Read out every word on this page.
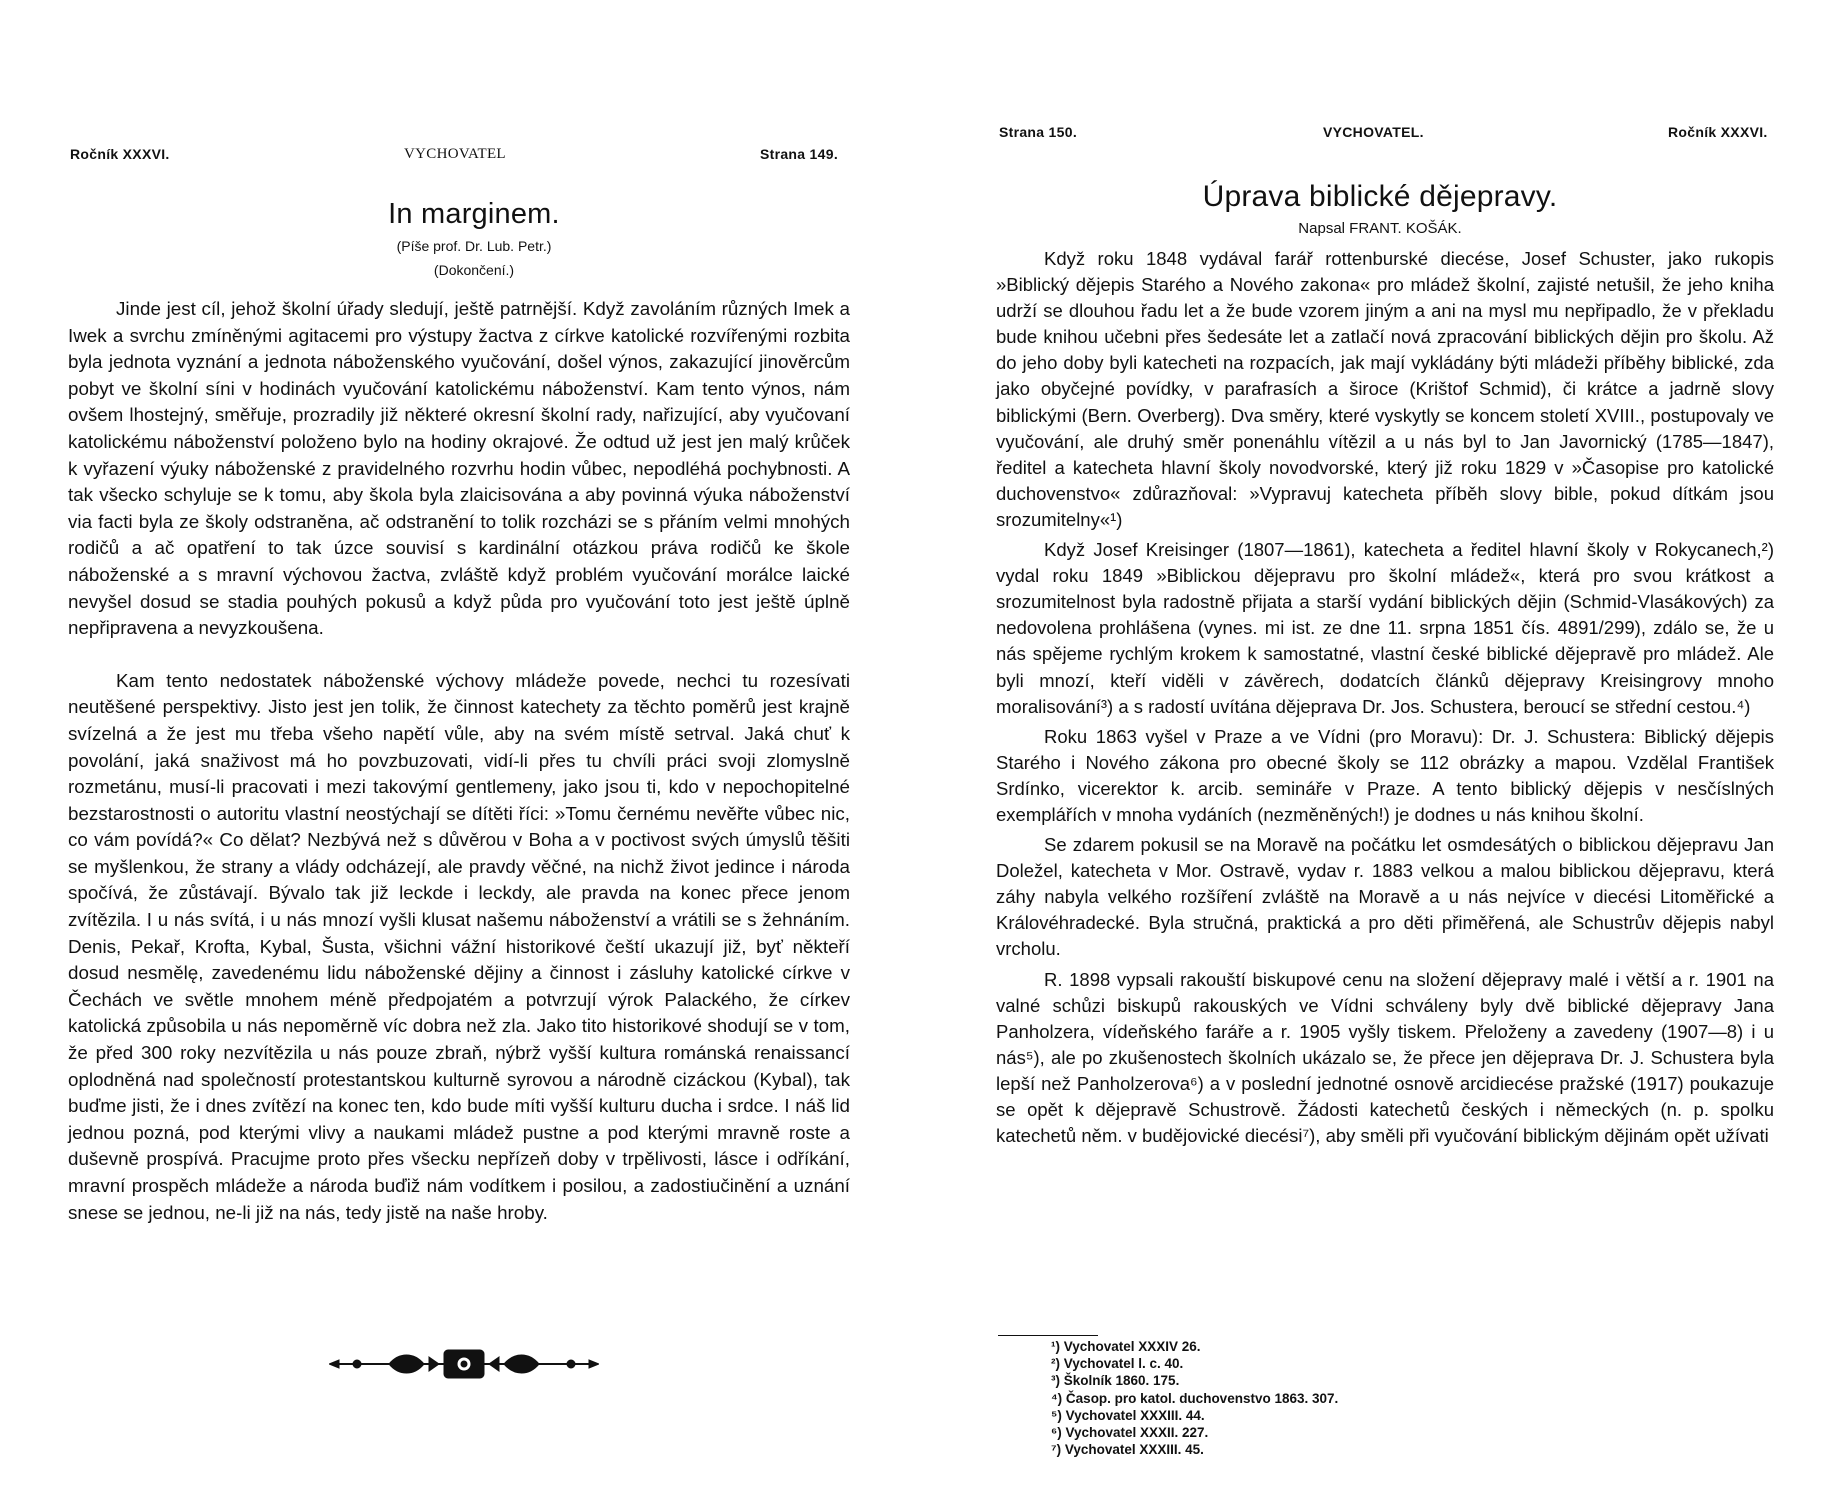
Ročník XXXVI.	VYCHOVATEL	Strana 149.
In marginem.
(Píše prof. Dr. Lub. Petr.)
(Dokončení.)

Jinde jest cíl, jehož školní úřady sledují, ještě patrnější. Když zavoláním různých Imek a Iwek a svrchu zmíněnými agitacemi pro výstupy žactva z církve katolické rozvířenými rozbita byla jednota vyznání a jednota náboženského vyučování, došel výnos, zakazující jinověrcům pobyt ve školní síni v hodinách vyučování katolickému náboženství. Kam tento výnos, nám ovšem lhostejný, směřuje, prozradily již některé okresní školní rady, nařizující, aby vyučovaní katolickému náboženství položeno bylo na hodiny okrajové. Že odtud už jest jen malý krůček k vyřazení výuky náboženské z pravidelného rozvrhu hodin vůbec, nepodléhá pochybnosti. A tak všecko schyluje se k tomu, aby škola byla zlaicisována a aby povinná výuka náboženství via facti byla ze školy odstraněna, ač odstranění to tolik rozcházi se s přáním velmi mnohých rodičů a ač opatření to tak úzce souvisí s kardinální otázkou práva rodičů ke škole náboženské a s mravní výchovou žactva, zvláště když problém vyučování morálce laické nevyšel dosud se stadia pouhých pokusů a když půda pro vyučování toto jest ještě úplně nepřipravena a nevyzkoušena.

Kam tento nedostatek náboženské výchovy mládeže povede, nechci tu rozesívati neutěšené perspektivy. Jisto jest jen tolik, že činnost katechety za těchto poměrů jest krajně svízelná a že jest mu třeba všeho napětí vůle, aby na svém místě setrval. Jaká chuť k povolání, jaká snaživost má ho povzbuzovati, vidí-li přes tu chvíli práci svoji zlomyslně rozmetánu, musí-li pracovati i mezi takovýmí gentlemeny, jako jsou ti, kdo v nepochopitelné bezstarostnosti o autoritu vlastní neostýchají se dítěti říci: »Tomu černému nevěřte vůbec nic, co vám povídá?« Co dělat? Nezbývá než s důvěrou v Boha a v poctivost svých úmyslů těšiti se myšlenkou, že strany a vlády odcházejí, ale pravdy věčné, na nichž život jedince i národa spočívá, že zůstávají. Bývalo tak již leckde i leckdy, ale pravda na konec přece jenom zvítězila. I u nás svítá, i u nás mnozí vyšli klusat našemu náboženství a vrátili se s žehnáním. Denis, Pekař, Krofta, Kybal, Šusta, všichni vážní historikové čeští ukazují již, byť někteří dosud nesmělę, zavedenému lidu náboženské dějiny a činnost i zásluhy katolické církve v Čechách ve světle mnohem méně předpojatém a potvrzují výrok Palackého, že církev katolická způsobila u nás nepoměrně víc dobra než zla. Jako tito historikové shodují se v tom, že před 300 roky nezvítězila u nás pouze zbraň, nýbrž vyšší kultura románská renaissancí oplodněná nad společností protestantskou kulturně syrovou a národně cizáckou (Kybal), tak buďme jisti, že i dnes zvítězí na konec ten, kdo bude míti vyšší kulturu ducha i srdce. I náš lid jednou pozná, pod kterými vlivy a naukami mládež pustne a pod kterými mravně roste a duševně prospívá. Pracujme proto přes všecku nepřízeň doby v trpělivosti, lásce i odříkání, mravní prospěch mládeže a národa buďiž nám vodítkem i posilou, a zadostiučinění a uznání snese se jednou, ne-li již na nás, tedy jistě na naše hroby.

Strana 150.	VYCHOVATEL.	Ročník XXXVI.
Úprava biblické dějepravy.
Napsal FRANT. KOŠÁK.

Když roku 1848 vydával farář rottenburské diecése, Josef Schuster, jako rukopis »Biblický dějepis Starého a Nového zakona« pro mládež školní, zajisté netušil, že jeho kniha udrží se dlouhou řadu let a že bude vzorem jiným a ani na mysl mu nepřipadlo, že v překladu bude knihou učebni přes šedesáte let a zatlačí nová zpracování biblických dějin pro školu. Až do jeho doby byli katecheti na rozpacích, jak mají vykládány býti mládeži příběhy biblické, zda jako obyčejné povídky, v parafrasích a široce (Krištof Schmid), či krátce a jadrně slovy biblickými (Bern. Overberg). Dva směry, které vyskytly se koncem století XVIII., postupovaly ve vyučování, ale druhý směr ponenáhlu vítězil a u nás byl to Jan Javornický (1785—1847), ředitel a katecheta hlavní školy novodvorské, který již roku 1829 v »Časopise pro katolické duchovenstvo« zdůrazňoval: »Vypravuj katecheta příběh slovy bible, pokud dítkám jsou srozumitelny«¹)

Když Josef Kreisinger (1807—1861), katecheta a ředitel hlavní školy v Rokycanech,²) vydal roku 1849 »Biblickou dějepravu pro školní mládež«, která pro svou krátkost a srozumitelnost byla radostně přijata a starší vydání biblických dějin (Schmid-Vlasákových) za nedovolena prohlášena (vynes. mi ist. ze dne 11. srpna 1851 čís. 4891/299), zdálo se, že u nás spějeme rychlým krokem k samostatné, vlastní české biblické dějepravě pro mládež. Ale byli mnozí, kteří viděli v závěrech, dodatcích článků dějepravy Kreisingrovy mnoho moralisování³) a s radostí uvítána dějeprava Dr. Jos. Schustera, beroucí se střední cestou.⁴)

Roku 1863 vyšel v Praze a ve Vídni (pro Moravu): Dr. J. Schustera: Biblický dějepis Starého i Nového zákona pro obecné školy se 112 obrázky a mapou. Vzdělal František Srdínko, vicerektor k. arcib. semináře v Praze. A tento biblický dějepis v nesčíslných exemplářích v mnoha vydáních (nezměněných!) je dodnes u nás knihou školní.

Se zdarem pokusil se na Moravě na počátku let osmdesátých o biblickou dějepravu Jan Doležel, katecheta v Mor. Ostravě, vydav r. 1883 velkou a malou biblickou dějepravu, která záhy nabyla velkého rozšíření zvláště na Moravě a u nás nejvíce v diecési Litoměřické a Královéhradecké. Byla stručná, praktická a pro děti přiměřená, ale Schustrův dějepis nabyl vrcholu.

R. 1898 vypsali rakouští biskupové cenu na složení dějepravy malé i větší a r. 1901 na valné schůzi biskupů rakouských ve Vídni schváleny byly dvě biblické dějepravy Jana Panholzera, vídeňského faráře a r. 1905 vyšly tiskem. Přeloženy a zavedeny (1907—8) i u nás⁵), ale po zkušenostech školních ukázalo se, že přece jen dějeprava Dr. J. Schustera byla lepší než Panholzerova⁶) a v poslední jednotné osnově arcidiecése pražské (1917) poukazuje se opět k dějepravě Schustrově. Žádosti katechetů českých i německých (n. p. spolku katechetů něm. v budějovické diecési⁷), aby směli při vyučování biblickým dějinám opět užívati

¹) Vychovatel XXXIV 26.
²) Vychovatel l. c. 40.
³) Školník 1860. 175.
⁴) Časop. pro katol. duchovenstvo 1863. 307.
⁵) Vychovatel XXXIII. 44.
⁶) Vychovatel XXXII. 227.
⁷) Vychovatel XXXIII. 45.
